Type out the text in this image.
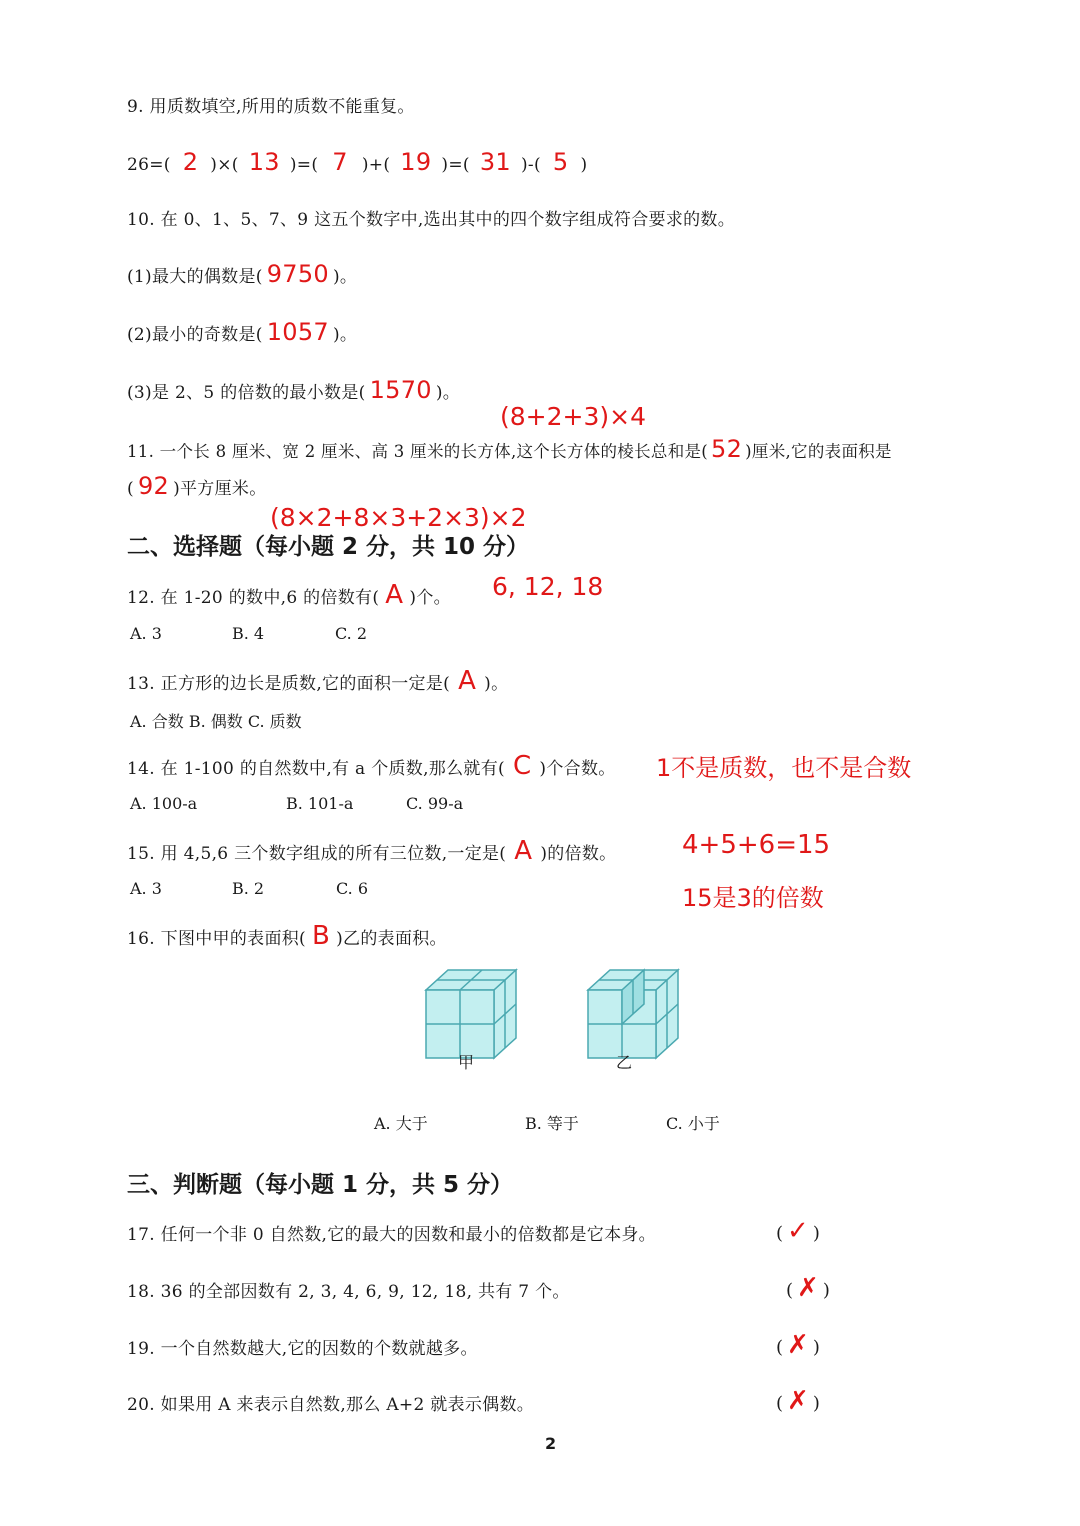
9. 用质数填空,所用的质数不能重复。
26=( 2 )×( 13 )=( 7 )+( 19 )=( 31 )-( 5 )
10. 在 0、1、5、7、9 这五个数字中,选出其中的四个数字组成符合要求的数。
(1)最大的偶数是( 9750 )。
(2)最小的奇数是( 1057 )。
(3)是 2、5 的倍数的最小数是( 1570 )。
(8+2+3)×4
11. 一个长 8 厘米、宽 2 厘米、高 3 厘米的长方体,这个长方体的棱长总和是( 52 )厘米,它的表面积是
( 92 )平方厘米。
(8×2+8×3+2×3)×2
二、选择题（每小题 2 分，共 10 分）
12. 在 1-20 的数中,6 的倍数有( A )个。 6, 12, 18
A. 3	B. 4	C. 2
13. 正方形的边长是质数,它的面积一定是( A )。
A. 合数 B. 偶数 C. 质数
14. 在 1-100 的自然数中,有 a 个质数,那么就有( C )个合数。 1不是质数，也不是合数
A. 100-a	B. 101-a	C. 99-a
15. 用 4,5,6 三个数字组成的所有三位数,一定是( A )的倍数。	4+5+6=15
15是3的倍数
A. 3	B. 2	C. 6
16. 下图中甲的表面积( B )乙的表面积。
甲	乙
A. 大于	B. 等于	C. 小于
三、判断题（每小题 1 分，共 5 分）
17. 任何一个非 0 自然数,它的最大的因数和最小的倍数都是它本身。	( ✓ )
18. 36 的全部因数有 2, 3, 4, 6, 9, 12, 18, 共有 7 个。	( ✗ )
19. 一个自然数越大,它的因数的个数就越多。	( ✗ )
20. 如果用 A 来表示自然数,那么 A+2 就表示偶数。	( ✗ )
2
